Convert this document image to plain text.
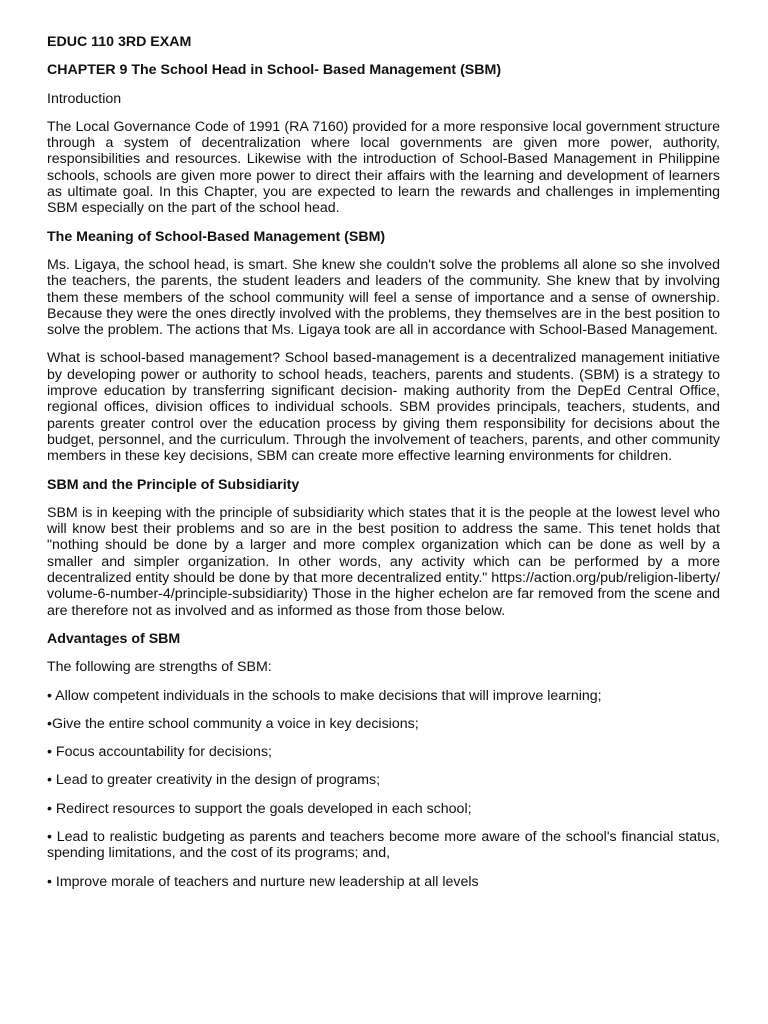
EDUC 110 3RD EXAM
CHAPTER 9 The School Head in School- Based Management (SBM)

Introduction

The Local Governance Code of 1991 (RA 7160) provided for a more responsive local government structure through a system of decentralization where local governments are given more power, authority, responsibilities and resources. Likewise with the introduction of School-Based Management in Philippine schools, schools are given more power to direct their affairs with the learning and development of learners as ultimate goal. In this Chapter, you are expected to learn the rewards and challenges in implementing SBM especially on the part of the school head.

The Meaning of School-Based Management (SBM)

Ms. Ligaya, the school head, is smart. She knew she couldn't solve the problems all alone so she involved the teachers, the parents, the student leaders and leaders of the community. She knew that by involving them these members of the school community will feel a sense of importance and a sense of ownership. Because they were the ones directly involved with the problems, they themselves are in the best position to solve the problem. The actions that Ms. Ligaya took are all in accordance with School-Based Management.

What is school-based management? School based-management is a decentralized management initiative by developing power or authority to school heads, teachers, parents and students. (SBM) is a strategy to improve education by transferring significant decision- making authority from the DepEd Central Office, regional offices, division offices to individual schools. SBM provides principals, teachers, students, and parents greater control over the education process by giving them responsibility for decisions about the budget, personnel, and the curriculum. Through the involvement of teachers, parents, and other community members in these key decisions, SBM can create more effective learning environments for children.

SBM and the Principle of Subsidiarity

SBM is in keeping with the principle of subsidiarity which states that it is the people at the lowest level who will know best their problems and so are in the best position to address the same. This tenet holds that "nothing should be done by a larger and more complex organization which can be done as well by a smaller and simpler organization. In other words, any activity which can be performed by a more decentralized entity should be done by that more decentralized entity." https://action.org/pub/religion-liberty/ volume-6-number-4/principle-subsidiarity) Those in the higher echelon are far removed from the scene and are therefore not as involved and as informed as those from those below.

Advantages of SBM

The following are strengths of SBM:

• Allow competent individuals in the schools to make decisions that will improve learning;

•Give the entire school community a voice in key decisions;

• Focus accountability for decisions;

• Lead to greater creativity in the design of programs;

• Redirect resources to support the goals developed in each school;

• Lead to realistic budgeting as parents and teachers become more aware of the school's financial status, spending limitations, and the cost of its programs; and,

• Improve morale of teachers and nurture new leadership at all levels
